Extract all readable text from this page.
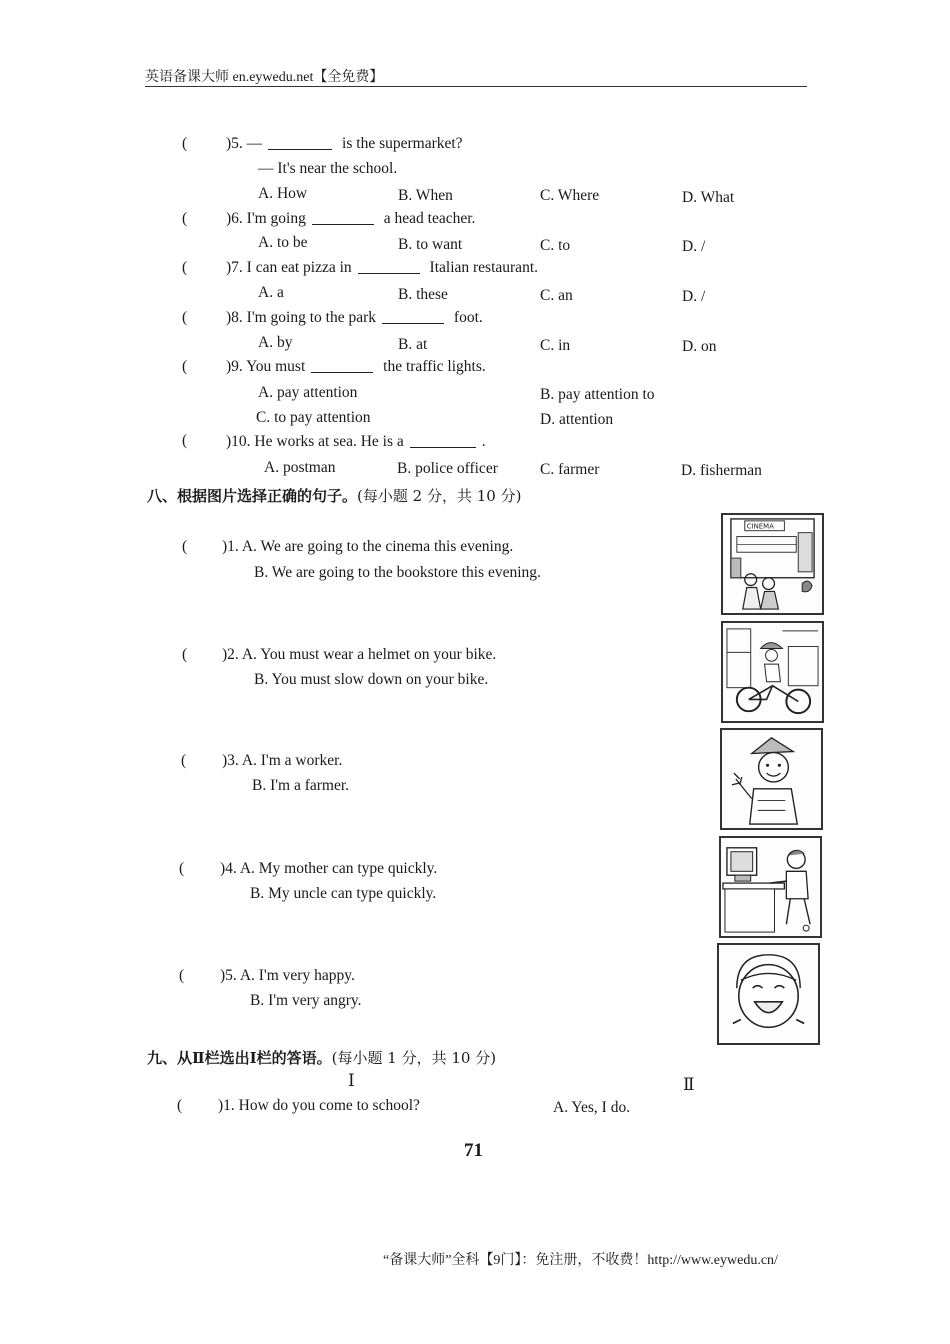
英语备课大师 en.eywedu.net【全免费】
(	)5. —	is the supermarket?
— It's near the school.
A. How	B. When	C. Where	D. What
(	)6. I'm going	a head teacher.
A. to be	B. to want	C. to	D. /
(	)7. I can eat pizza in	Italian restaurant.
A. a	B. these	C. an	D. /
(	)8. I'm going to the park	foot.
A. by	B. at	C. in	D. on
(	)9. You must	the traffic lights.
A. pay attention	B. pay attention to
C. to pay attention	D. attention
(	)10. He works at sea. He is a	.
A. postman	B. police officer	C. farmer	D. fisherman
八、根据图片选择正确的句子。(每小题 2 分，共 10 分)
( )1. A. We are going to the cinema this evening.
B. We are going to the bookstore this evening.
CINEMA
( )2. A. You must wear a helmet on your bike.
B. You must slow down on your bike.
( )3. A. I'm a worker.
B. I'm a farmer.
( )4. A. My mother can type quickly.
B. My uncle can type quickly.
( )5. A. I'm very happy.
B. I'm very angry.
九、从Ⅱ栏选出Ⅰ栏的答语。(每小题 1 分，共 10 分)
Ⅰ	Ⅱ
( )1. How do you come to school?	A. Yes, I do.
71
“备课大师”全科【9门】：免注册，不收费！http://www.eywedu.cn/
